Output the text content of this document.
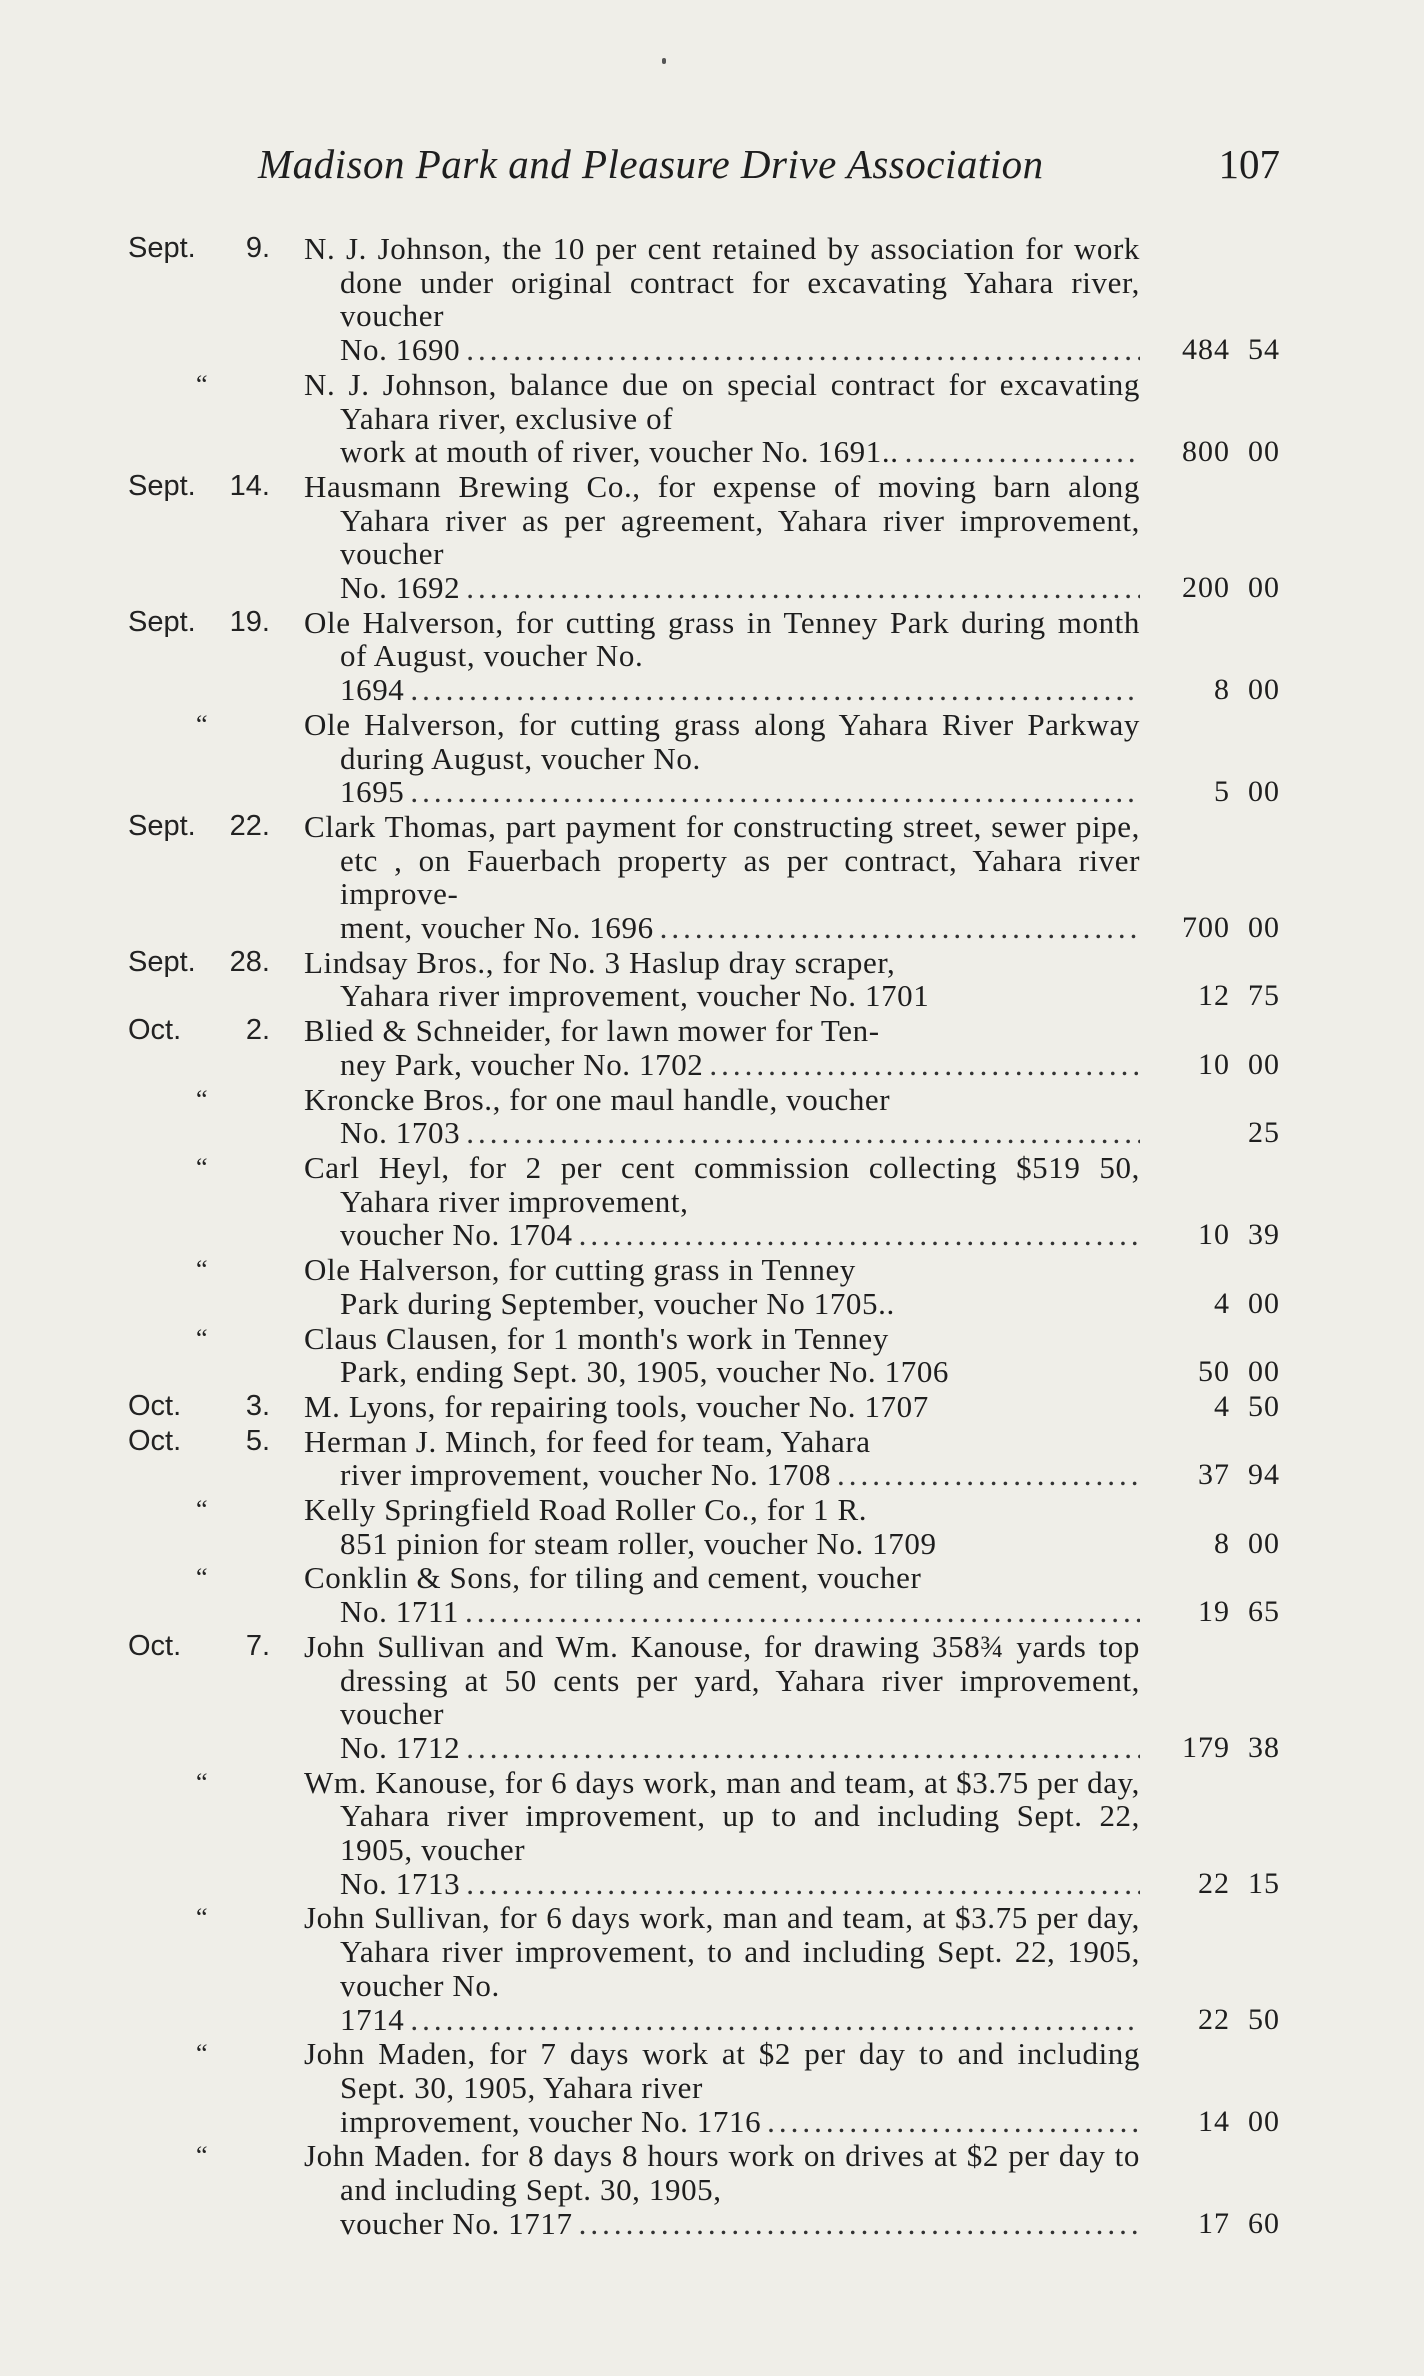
Madison Park and Pleasure Drive Association	107
Sept. 9. N. J. Johnson, the 10 per cent retained by association for work done under original contract for excavating Yahara river, voucher
No. 1690 .....	484 54
“	N. J. Johnson, balance due on special contract for excavating Yahara river, exclusive of
work at mouth of river, voucher No. 1691.. .....	800 00
Sept. 14. Hausmann Brewing Co., for expense of moving barn along Yahara river as per agreement, Yahara river improvement, voucher
No. 1692 .....	200 00
Sept. 19. Ole Halverson, for cutting grass in Tenney Park during month of August, voucher No.
1694 .....	8 00
“	Ole Halverson, for cutting grass along Yahara River Parkway during August, voucher No.
1695 .....	5 00
Sept. 22. Clark Thomas, part payment for constructing street, sewer pipe, etc , on Fauerbach property as per contract, Yahara river improve-
ment, voucher No. 1696 .....	700 00
Sept. 28. Lindsay Bros., for No. 3 Haslup dray scraper,
Yahara river improvement, voucher No. 1701	12 75
Oct. 2. Blied & Schneider, for lawn mower for Ten-
ney Park, voucher No. 1702 .....	10 00
“	Kroncke Bros., for one maul handle, voucher
No. 1703 .....	25
“	Carl Heyl, for 2 per cent commission collecting $519 50, Yahara river improvement,
voucher No. 1704 .....	10 39
“	Ole Halverson, for cutting grass in Tenney
Park during September, voucher No 1705..	4 00
“	Claus Clausen, for 1 month's work in Tenney
Park, ending Sept. 30, 1905, voucher No. 1706	50 00
Oct. 3. M. Lyons, for repairing tools, voucher No. 1707	4 50
Oct. 5. Herman J. Minch, for feed for team, Yahara
river improvement, voucher No. 1708 .....	37 94
“	Kelly Springfield Road Roller Co., for 1 R.
851 pinion for steam roller, voucher No. 1709	8 00
“	Conklin & Sons, for tiling and cement, voucher
No. 1711 .....	19 65
Oct. 7. John Sullivan and Wm. Kanouse, for drawing 358¾ yards top dressing at 50 cents per yard, Yahara river improvement, voucher
No. 1712 .....	179 38
“	Wm. Kanouse, for 6 days work, man and team, at $3.75 per day, Yahara river improvement, up to and including Sept. 22, 1905, voucher
No. 1713 .....	22 15
“	John Sullivan, for 6 days work, man and team, at $3.75 per day, Yahara river improvement, to and including Sept. 22, 1905, voucher No.
1714 .....	22 50
“	John Maden, for 7 days work at $2 per day to and including Sept. 30, 1905, Yahara river
improvement, voucher No. 1716 .....	14 00
“	John Maden. for 8 days 8 hours work on drives at $2 per day to and including Sept. 30, 1905,
voucher No. 1717 .....	17 60
